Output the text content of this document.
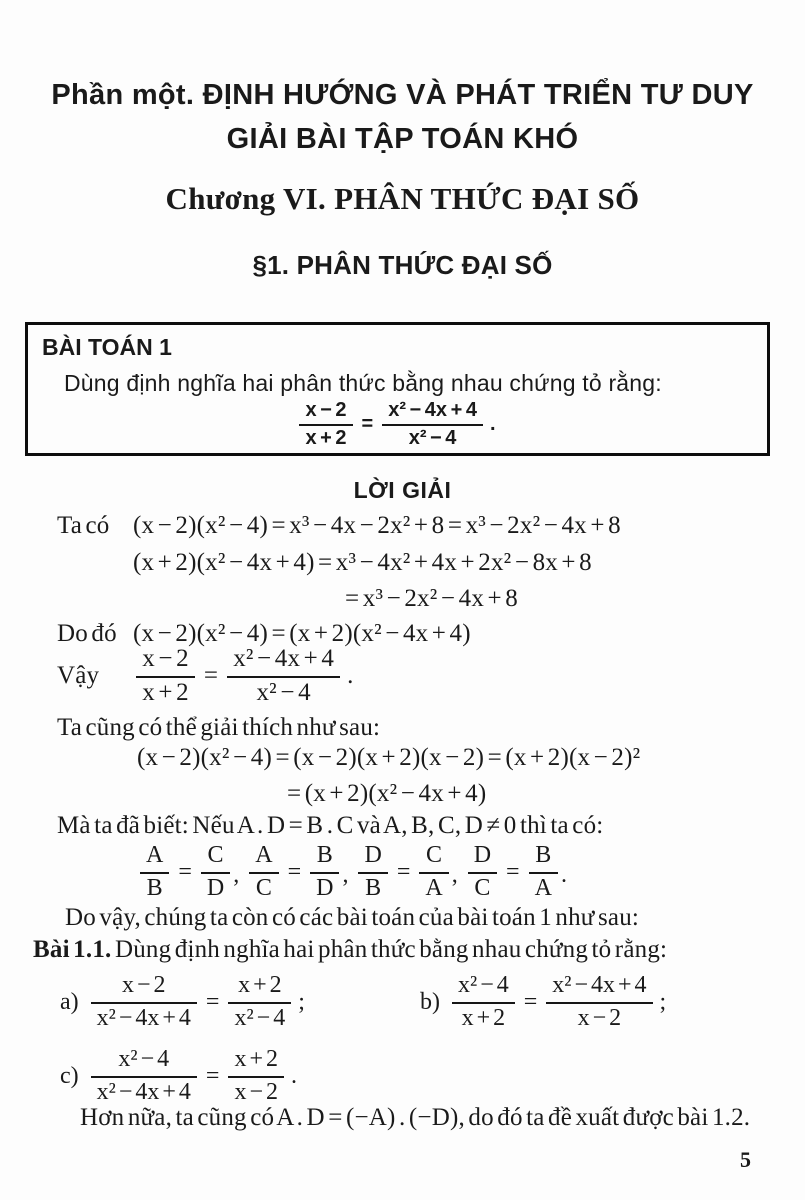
Phần một. ĐỊNH HƯỚNG VÀ PHÁT TRIỂN TƯ DUY
GIẢI BÀI TẬP TOÁN KHÓ
Chương VI. PHÂN THỨC ĐẠI SỐ
§1. PHÂN THỨC ĐẠI SỐ
BÀI TOÁN 1
Dùng định nghĩa hai phân thức bằng nhau chứng tỏ rằng:
$\frac{x - 2}{x + 2} = \frac{\text{x² − 4x + 4}}{\text{x² − 4}}$ .
LỜI GIẢI
Ta có (x − 2)(x² − 4) = x³ − 4x − 2x² + 8 = x³ − 2x² − 4x + 8
(x + 2)(x² − 4x + 4) = x³ − 4x² + 4x + 2x² − 8x + 8
= x³ − 2x² − 4x + 8
Do đó (x − 2)(x² − 4) = (x + 2)(x² − 4x + 4)
Vậy $\frac{x - 2}{x + 2} = \frac{\text{x² − 4x + 4}}{\text{x² − 4}}$ .
Ta cũng có thể giải thích như sau:
(x − 2)(x² − 4) = (x − 2)(x + 2)(x − 2) = (x + 2)(x − 2)²
= (x + 2)(x² − 4x + 4)
Mà ta đã biết: Nếu A . D = B . C và A, B, C, D ≠ 0 thì ta có:
$\frac{A}{B} = \frac{C}{D}$ , $\frac{A}{C} = \frac{B}{D}$ , $\frac{D}{B} = \frac{C}{A}$ , $\frac{D}{C} = \frac{B}{A}$ .
Do vậy, chúng ta còn có các bài toán của bài toán 1 như sau:
Bài 1.1. Dùng định nghĩa hai phân thức bằng nhau chứng tỏ rằng:
$a) \frac{x - 2}{\text{x² − 4x + 4}} = \frac{x + 2}{\text{x² − 4}}$ ;	$b) \frac{\text{x² − 4}}{x + 2} = \frac{\text{x² − 4x + 4}}{x - 2}$ ;
$c) \frac{\text{x² − 4}}{\text{x² − 4x + 4}} = \frac{x + 2}{x - 2}$ .
Hơn nữa, ta cũng có A . D = (−A) . (−D), do đó ta đề xuất được bài 1.2.
5
